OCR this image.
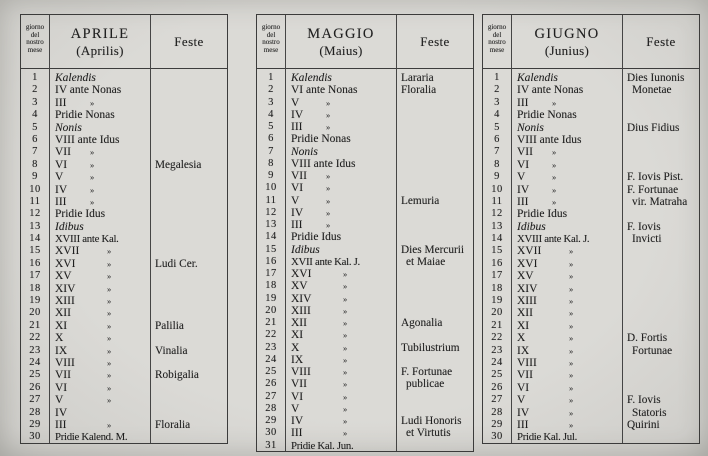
giorno
del
nostro
mese
APRILE
(Aprilis)
Feste
1	Kalendis
2	IV ante Nonas
3	III	»
4	Pridie Nonas
5	Nonis
6	VIII ante Idus
7	VII »
8	VI	»	Megalesia
9	V	»
10	IV	»
11	III	»
12	Pridie Idus
13	Idibus
14	XVIII ante Kal.
15	XVII	»
16	XVI	»	Ludi Cer.
17	XV	»
18	XIV	»
19	XIII	»
20	XII	»
21	XI	»	Palilia
22	X	»
23	IX	»	Vinalia
24	VIII	»
25	VII	»	Robigalia
26	VI	»
27	V	»
28	IV
29	III	»	Floralia
30	Pridie Kalend. M.
giorno
del
nostro
mese
MAGGIO
(Maius)
Feste
1	Kalendis	Lararia
2	VI ante Nonas	Floralia
3	V	»
4	IV	»
5	III	»
6	Pridie Nonas
7	Nonis
8	VIII ante Idus
9	VII »
10	VI	»
11	V	»	Lemuria
12	IV	»
13	III	»
14	Pridie Idus
15	Idibus	Dies Mercurii
16	XVII ante Kal. J.	et Maiae
17	XVI	»
18	XV	»
19	XIV	»
20	XIII	»
21	XII	»	Agonalia
22	XI	»
23	X	»	Tubilustrium
24	IX	»
25	VIII	»	F. Fortunae
26	VII	»	publicae
27	VI	»
28	V	»
29	IV	»	Ludi Honoris
30	III	»	et Virtutis
31	Pridie Kal. Jun.
giorno
del
nostro
mese
GIUGNO
(Junius)
Feste
1	Kalendis	Dies Iunonis
2	IV ante Nonas	Monetae
3	III	»
4	Pridie Nonas
5	Nonis	Dius Fidius
6	VIII ante Idus
7	VII »
8	VI	»
9	V	»	F. Iovis Pist.
10	IV	»	F. Fortunae
11	III	»	vir. Matraha
12	Pridie Idus
13	Idibus	F. Iovis
14	XVIII ante Kal. J.	Invicti
15	XVII	»
16	XVI	»
17	XV	»
18	XIV	»
19	XIII	»
20	XII	»
21	XI	»
22	X	»	D. Fortis
23	IX	»	Fortunae
24	VIII	»
25	VII	»
26	VI	»
27	V	»	F. Iovis
28	IV	»	Statoris
29	III	»	Quirini
30	Pridie Kal. Jul.
